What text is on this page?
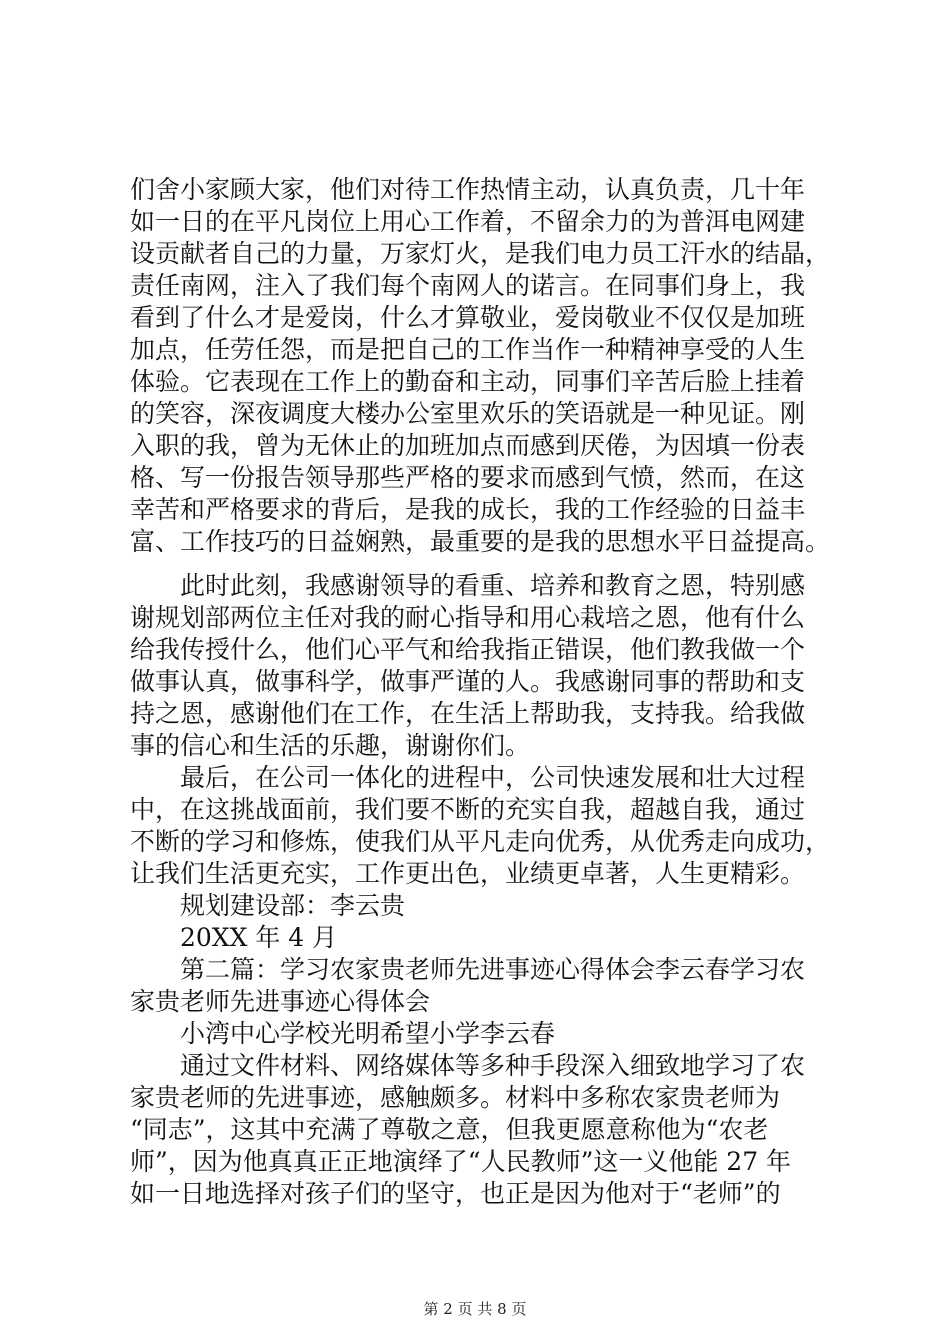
们舍小家顾大家，他们对待工作热情主动，认真负责，几十年
如一日的在平凡岗位上用心工作着，不留余力的为普洱电网建
设贡献者自己的力量，万家灯火，是我们电力员工汗水的结晶，
责任南网，注入了我们每个南网人的诺言。在同事们身上，我
看到了什么才是爱岗，什么才算敬业，爱岗敬业不仅仅是加班
加点，任劳任怨，而是把自己的工作当作一种精神享受的人生
体验。它表现在工作上的勤奋和主动，同事们辛苦后脸上挂着
的笑容，深夜调度大楼办公室里欢乐的笑语就是一种见证。刚
入职的我，曾为无休止的加班加点而感到厌倦，为因填一份表
格、写一份报告领导那些严格的要求而感到气愤，然而，在这
幸苦和严格要求的背后，是我的成长，我的工作经验的日益丰
富、工作技巧的日益娴熟，最重要的是我的思想水平日益提高。
　　此时此刻，我感谢领导的看重、培养和教育之恩，特别感
谢规划部两位主任对我的耐心指导和用心栽培之恩，他有什么
给我传授什么，他们心平气和给我指正错误，他们教我做一个
做事认真，做事科学，做事严谨的人。我感谢同事的帮助和支
持之恩，感谢他们在工作，在生活上帮助我，支持我。给我做
事的信心和生活的乐趣，谢谢你们。
　　最后，在公司一体化的进程中，公司快速发展和壮大过程
中，在这挑战面前，我们要不断的充实自我，超越自我，通过
不断的学习和修炼，使我们从平凡走向优秀，从优秀走向成功，
让我们生活更充实，工作更出色，业绩更卓著，人生更精彩。
　　规划建设部：李云贵
　　20XX 年 4 月
　　第二篇：学习农家贵老师先进事迹心得体会李云春学习农
家贵老师先进事迹心得体会
　　小湾中心学校光明希望小学李云春
　　通过文件材料、网络媒体等多种手段深入细致地学习了农
家贵老师的先进事迹，感触颇多。材料中多称农家贵老师为
“同志”，这其中充满了尊敬之意，但我更愿意称他为“农老
师”，因为他真真正正地演绎了“人民教师”这一义他能 27 年
如一日地选择对孩子们的坚守，也正是因为他对于“老师”的
第 2 页 共 8 页
